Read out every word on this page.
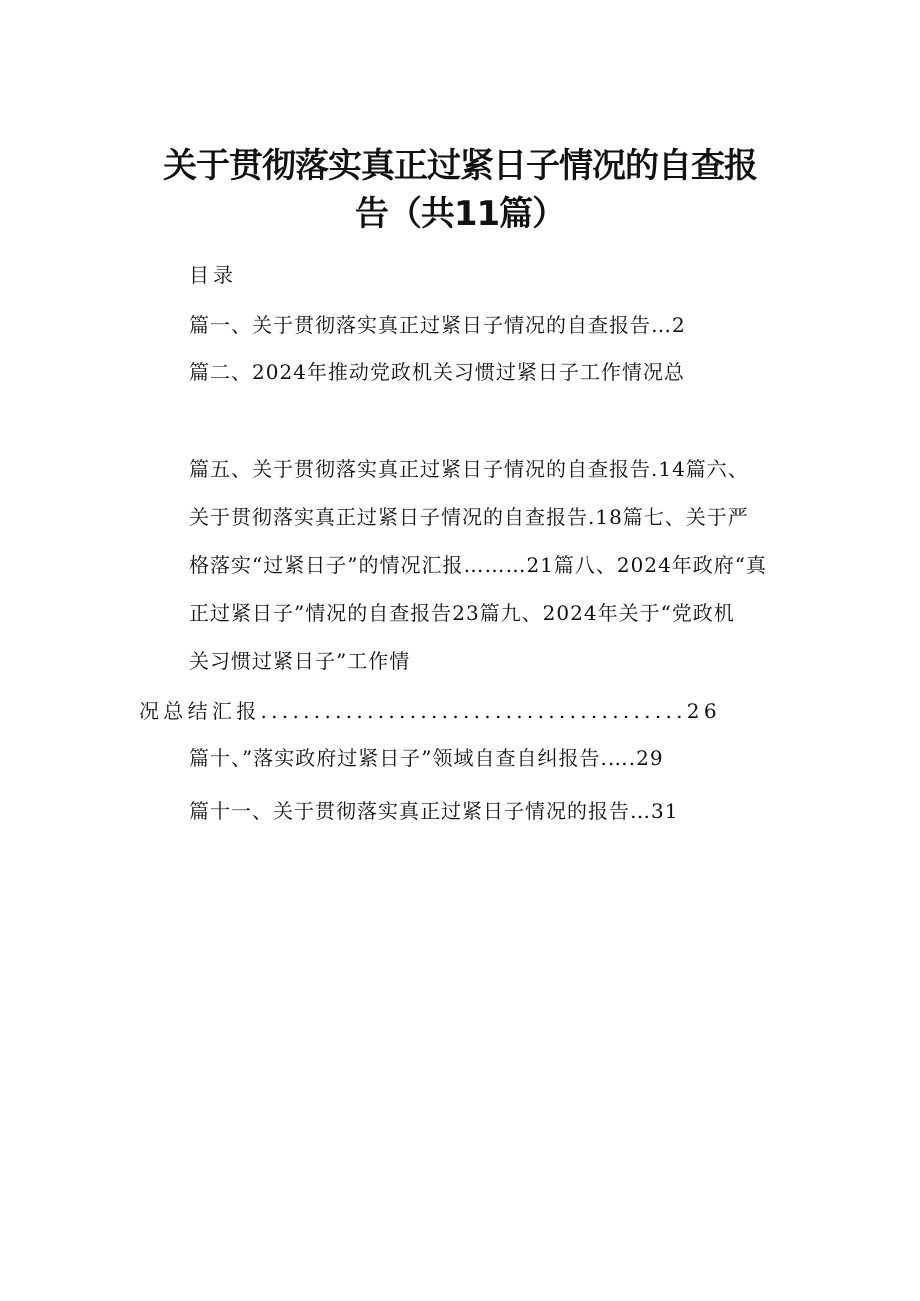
关于贯彻落实真正过紧日子情况的自查报
告（共11篇）
目录
篇一、关于贯彻落实真正过紧日子情况的自查报告…2
篇二、2024年推动党政机关习惯过紧日子工作情况总
篇五、关于贯彻落实真正过紧日子情况的自查报告.14篇六、
关于贯彻落实真正过紧日子情况的自查报告.18篇七、关于严
格落实“过紧日子”的情况汇报………21篇八、2024年政府“真
正过紧日子”情况的自查报告23篇九、2024年关于“党政机
关习惯过紧日子”工作情
况总结汇报........................................26
篇十、”落实政府过紧日子”领域自查自纠报告.….29
篇十一、关于贯彻落实真正过紧日子情况的报告…31
